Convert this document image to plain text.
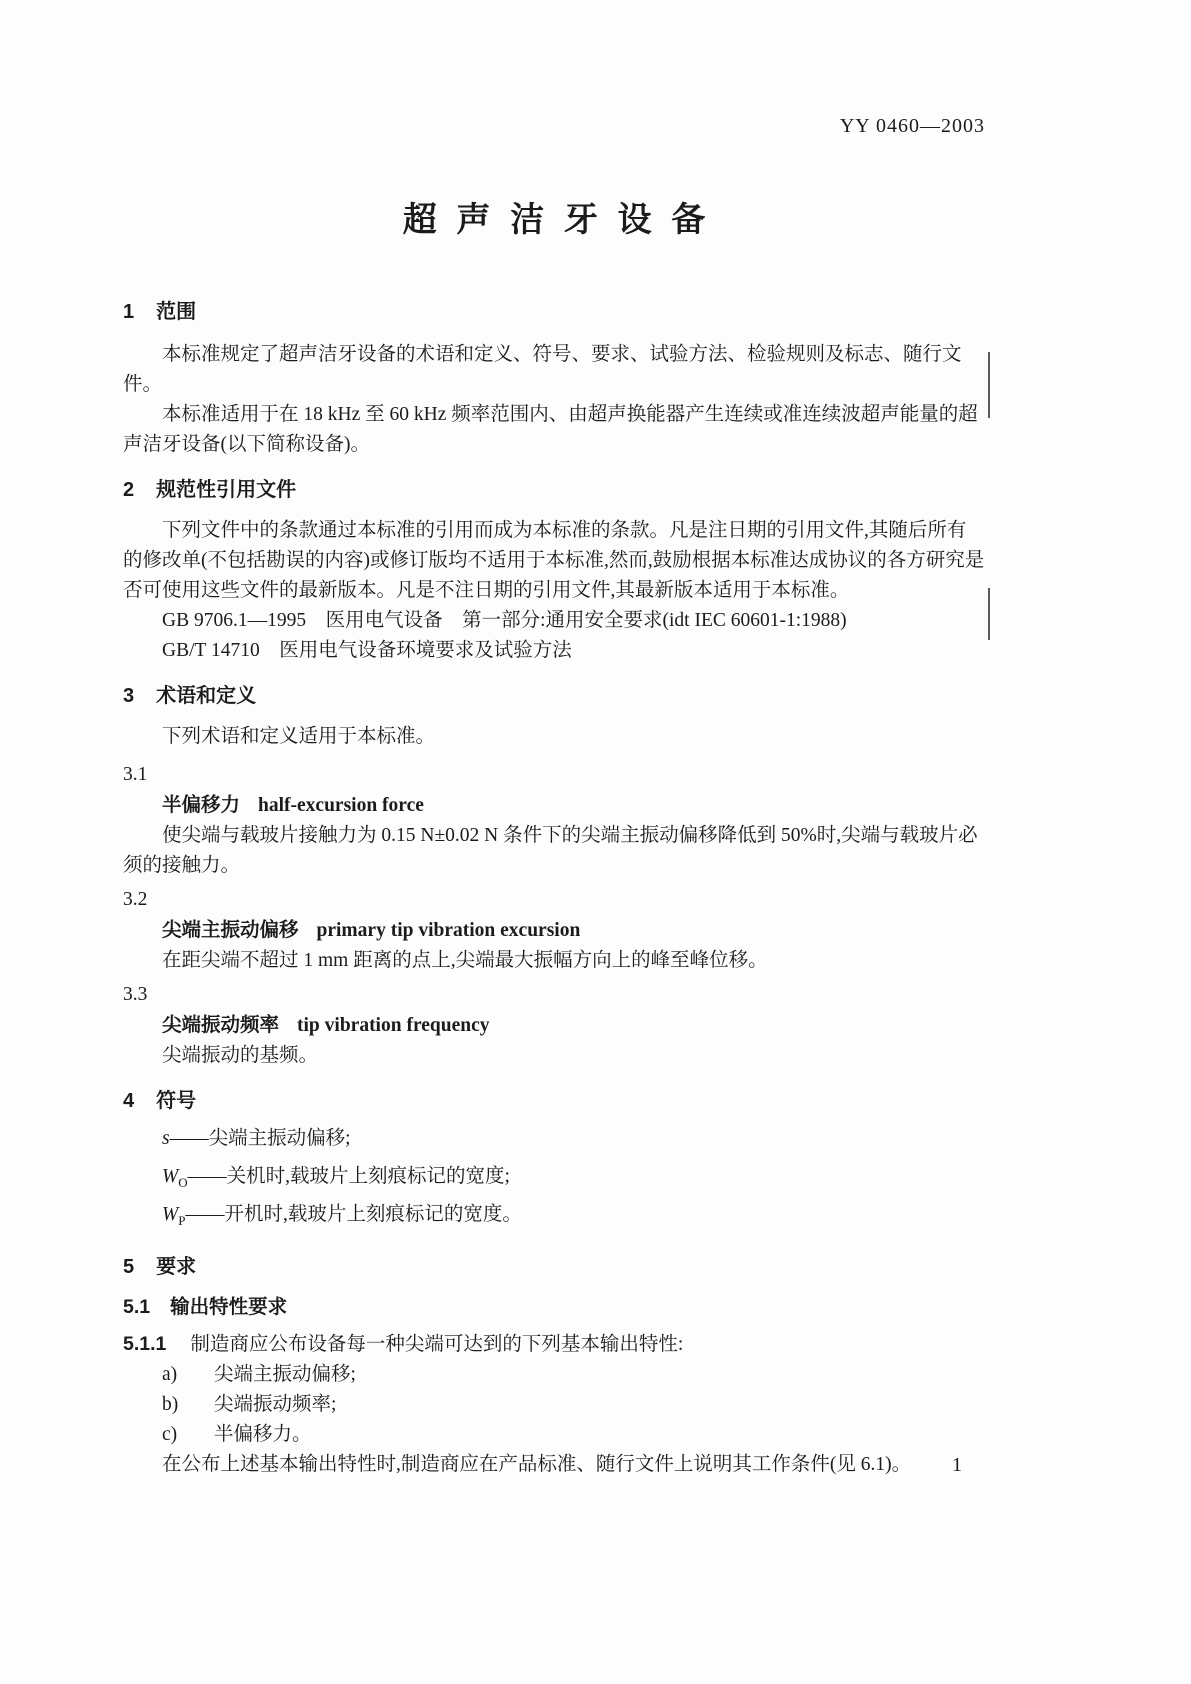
YY 0460—2003
超声洁牙设备
1 范围

本标准规定了超声洁牙设备的术语和定义、符号、要求、试验方法、检验规则及标志、随行文件。

本标准适用于在 18 kHz 至 60 kHz 频率范围内、由超声换能器产生连续或准连续波超声能量的超声洁牙设备(以下简称设备)。

2 规范性引用文件

下列文件中的条款通过本标准的引用而成为本标准的条款。凡是注日期的引用文件,其随后所有的修改单(不包括勘误的内容)或修订版均不适用于本标准,然而,鼓励根据本标准达成协议的各方研究是否可使用这些文件的最新版本。凡是不注日期的引用文件,其最新版本适用于本标准。

GB 9706.1—1995　医用电气设备　第一部分:通用安全要求(idt IEC 60601-1:1988)

GB/T 14710　医用电气设备环境要求及试验方法

3 术语和定义

下列术语和定义适用于本标准。

3.1

半偏移力 half-excursion force

使尖端与载玻片接触力为 0.15 N±0.02 N 条件下的尖端主振动偏移降低到 50%时,尖端与载玻片必须的接触力。

3.2

尖端主振动偏移 primary tip vibration excursion

在距尖端不超过 1 mm 距离的点上,尖端最大振幅方向上的峰至峰位移。

3.3

尖端振动频率 tip vibration frequency

尖端振动的基频。

4 符号

s——尖端主振动偏移;

$W_O——$关机时,载玻片上刻痕标记的宽度;

$W_P——$开机时,载玻片上刻痕标记的宽度。

5 要求

5.1 输出特性要求

5.1.1 制造商应公布设备每一种尖端可达到的下列基本输出特性:

a) 尖端主振动偏移;

b) 尖端振动频率;

c) 半偏移力。

在公布上述基本输出特性时,制造商应在产品标准、随行文件上说明其工作条件(见 6.1)。	1
